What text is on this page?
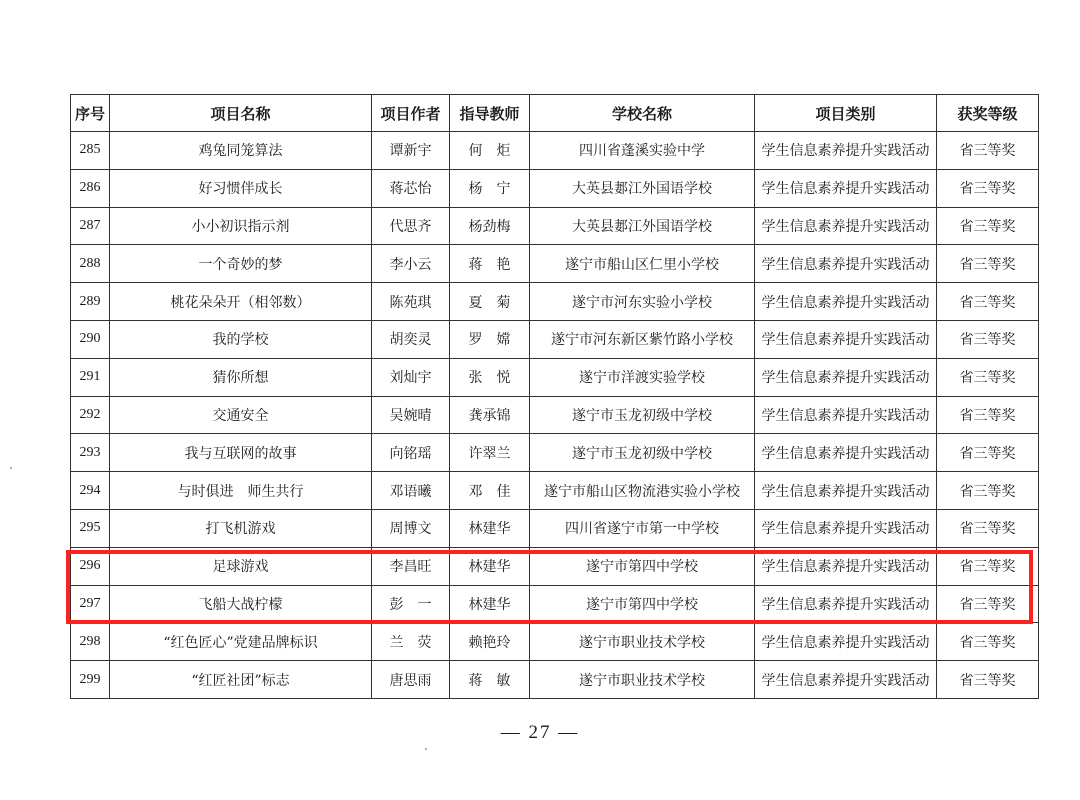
序号	项目名称	项目作者	指导教师	学校名称	项目类别	获奖等级
285	鸡兔同笼算法	谭新宇	何　炬	四川省蓬溪实验中学	学生信息素养提升实践活动	省三等奖
286	好习惯伴成长	蒋芯怡	杨　宁	大英县郪江外国语学校	学生信息素养提升实践活动	省三等奖
287	小小初识指示剂	代思齐	杨劲梅	大英县郪江外国语学校	学生信息素养提升实践活动	省三等奖
288	一个奇妙的梦	李小云	蒋　艳	遂宁市船山区仁里小学校	学生信息素养提升实践活动	省三等奖
289	桃花朵朵开（相邻数）	陈苑琪	夏　菊	遂宁市河东实验小学校	学生信息素养提升实践活动	省三等奖
290	我的学校	胡奕灵	罗　嫦	遂宁市河东新区紫竹路小学校	学生信息素养提升实践活动	省三等奖
291	猜你所想	刘灿宇	张　悦	遂宁市洋渡实验学校	学生信息素养提升实践活动	省三等奖
292	交通安全	吴婉晴	龚承锦	遂宁市玉龙初级中学校	学生信息素养提升实践活动	省三等奖
293	我与互联网的故事	向铭瑶	许翠兰	遂宁市玉龙初级中学校	学生信息素养提升实践活动	省三等奖
294	与时俱进　师生共行	邓语曦	邓　佳	遂宁市船山区物流港实验小学校	学生信息素养提升实践活动	省三等奖
295	打飞机游戏	周博文	林建华	四川省遂宁市第一中学校	学生信息素养提升实践活动	省三等奖
296	足球游戏	李昌旺	林建华	遂宁市第四中学校	学生信息素养提升实践活动	省三等奖
297	飞船大战柠檬	彭　一	林建华	遂宁市第四中学校	学生信息素养提升实践活动	省三等奖
298	“红色匠心”党建品牌标识	兰　荧	赖艳玲	遂宁市职业技术学校	学生信息素养提升实践活动	省三等奖
299	“红匠社团”标志	唐思雨	蒋　敏	遂宁市职业技术学校	学生信息素养提升实践活动	省三等奖
— 27 —
